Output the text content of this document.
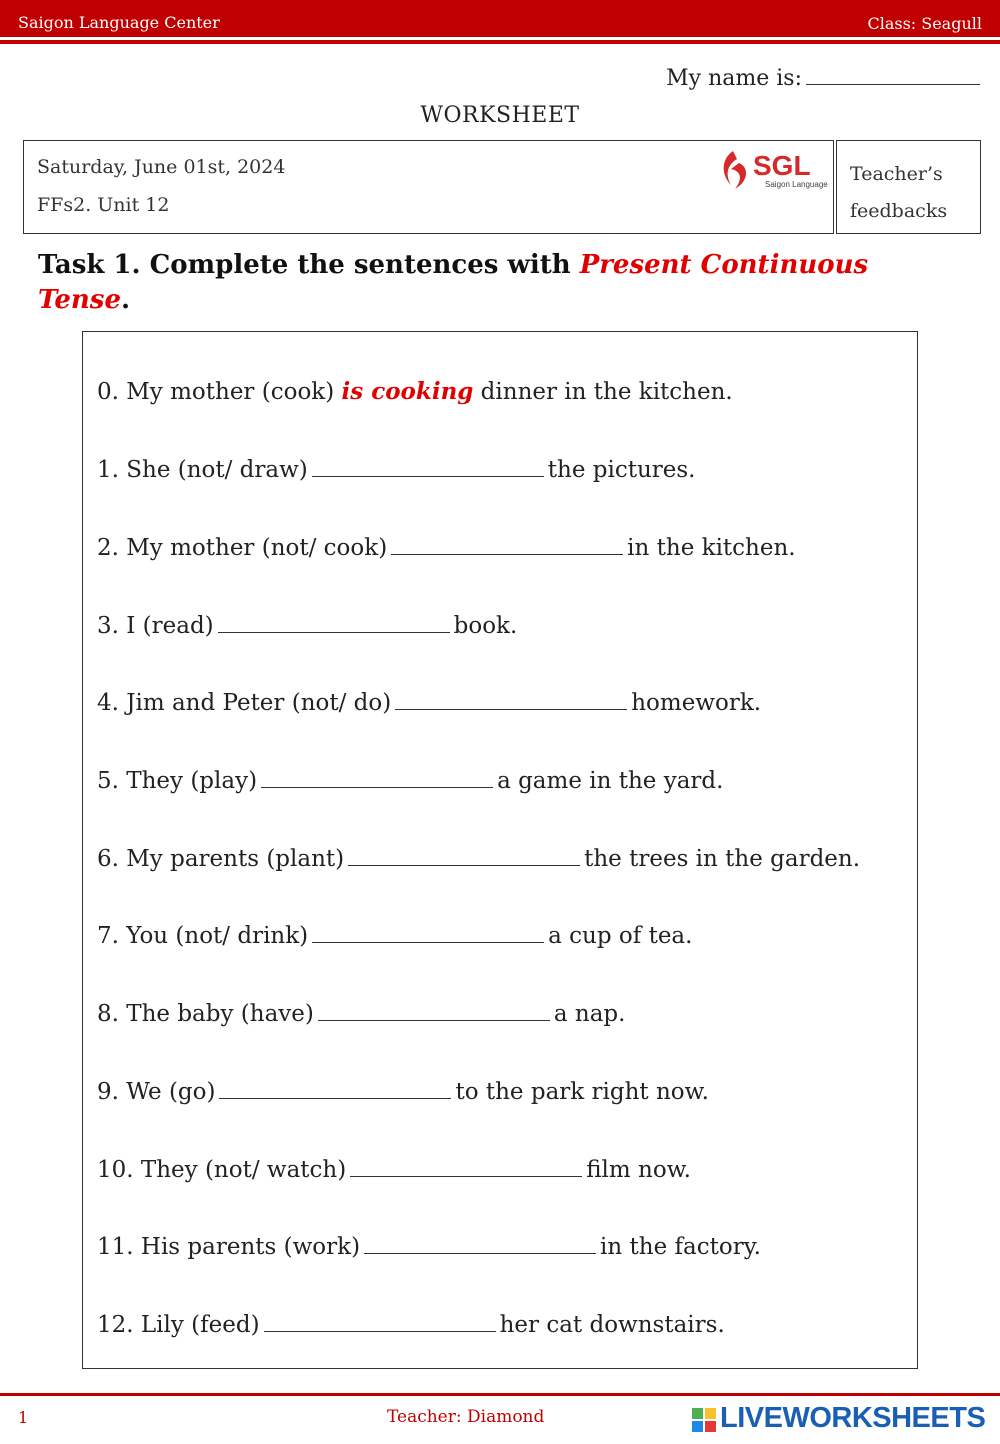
Saigon Language Center	Class: Seagull
My name is:
WORKSHEET
Saturday, June 01st, 2024
FFs2. Unit 12
SGL
Saigon Language Teacher’s feedbacks
Task 1. Complete the sentences with Present Continuous Tense.
0. My mother (cook) is cooking dinner in the kitchen.
1. She (not/ draw)	the pictures.
2. My mother (not/ cook)	in the kitchen.
3. I (read)	book.
4. Jim and Peter (not/ do)	homework.
5. They (play)	a game in the yard.
6. My parents (plant)	the trees in the garden.
7. You (not/ drink)	a cup of tea.
8. The baby (have)	a nap.
9. We (go)	to the park right now.
10. They (not/ watch)	film now.
11. His parents (work)	in the factory.
12. Lily (feed)	her cat downstairs.
1	Teacher: Diamond	LIVEWORKSHEETS
